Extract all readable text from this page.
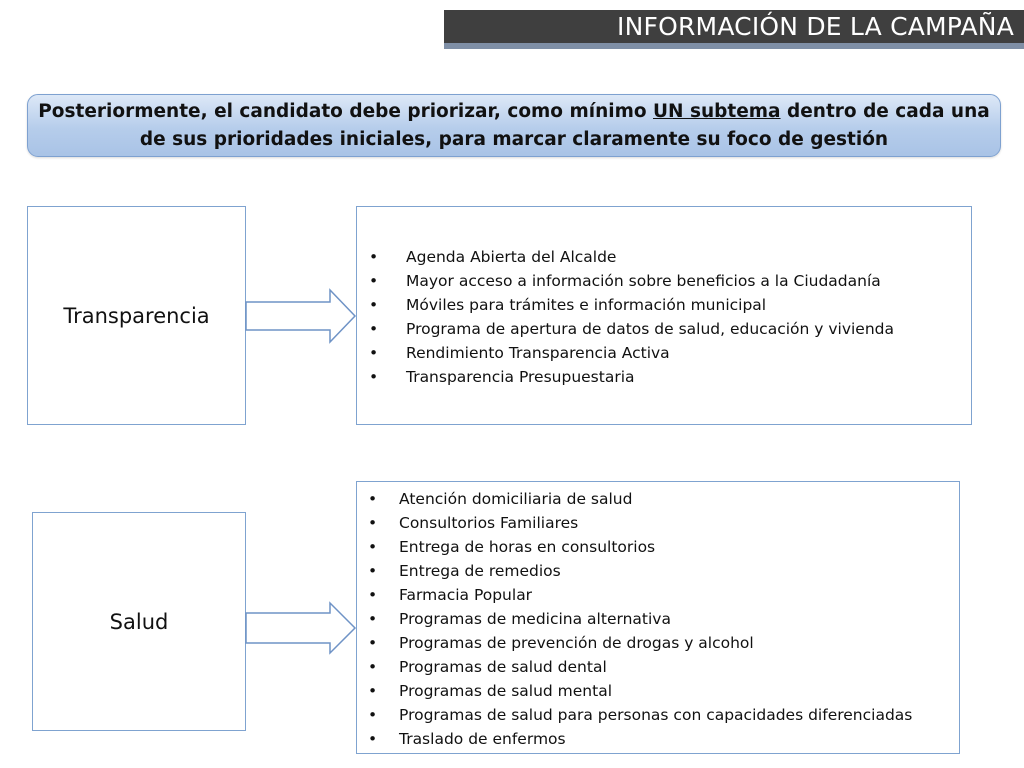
INFORMACIÓN DE LA CAMPAÑA

Posteriormente, el candidato debe priorizar, como mínimo UN subtema dentro de cada una de sus prioridades iniciales, para marcar claramente su foco de gestión

Transparencia
• Agenda Abierta del Alcalde
• Mayor acceso a información sobre beneficios a la Ciudadanía
• Móviles para trámites e información municipal
• Programa de apertura de datos de salud, educación y vivienda
• Rendimiento Transparencia Activa
• Transparencia Presupuestaria
Salud
• Atención domiciliaria de salud
• Consultorios Familiares
• Entrega de horas en consultorios
• Entrega de remedios
• Farmacia Popular
• Programas de medicina alternativa
• Programas de prevención de drogas y alcohol
• Programas de salud dental
• Programas de salud mental
• Programas de salud para personas con capacidades diferenciadas
• Traslado de enfermos
